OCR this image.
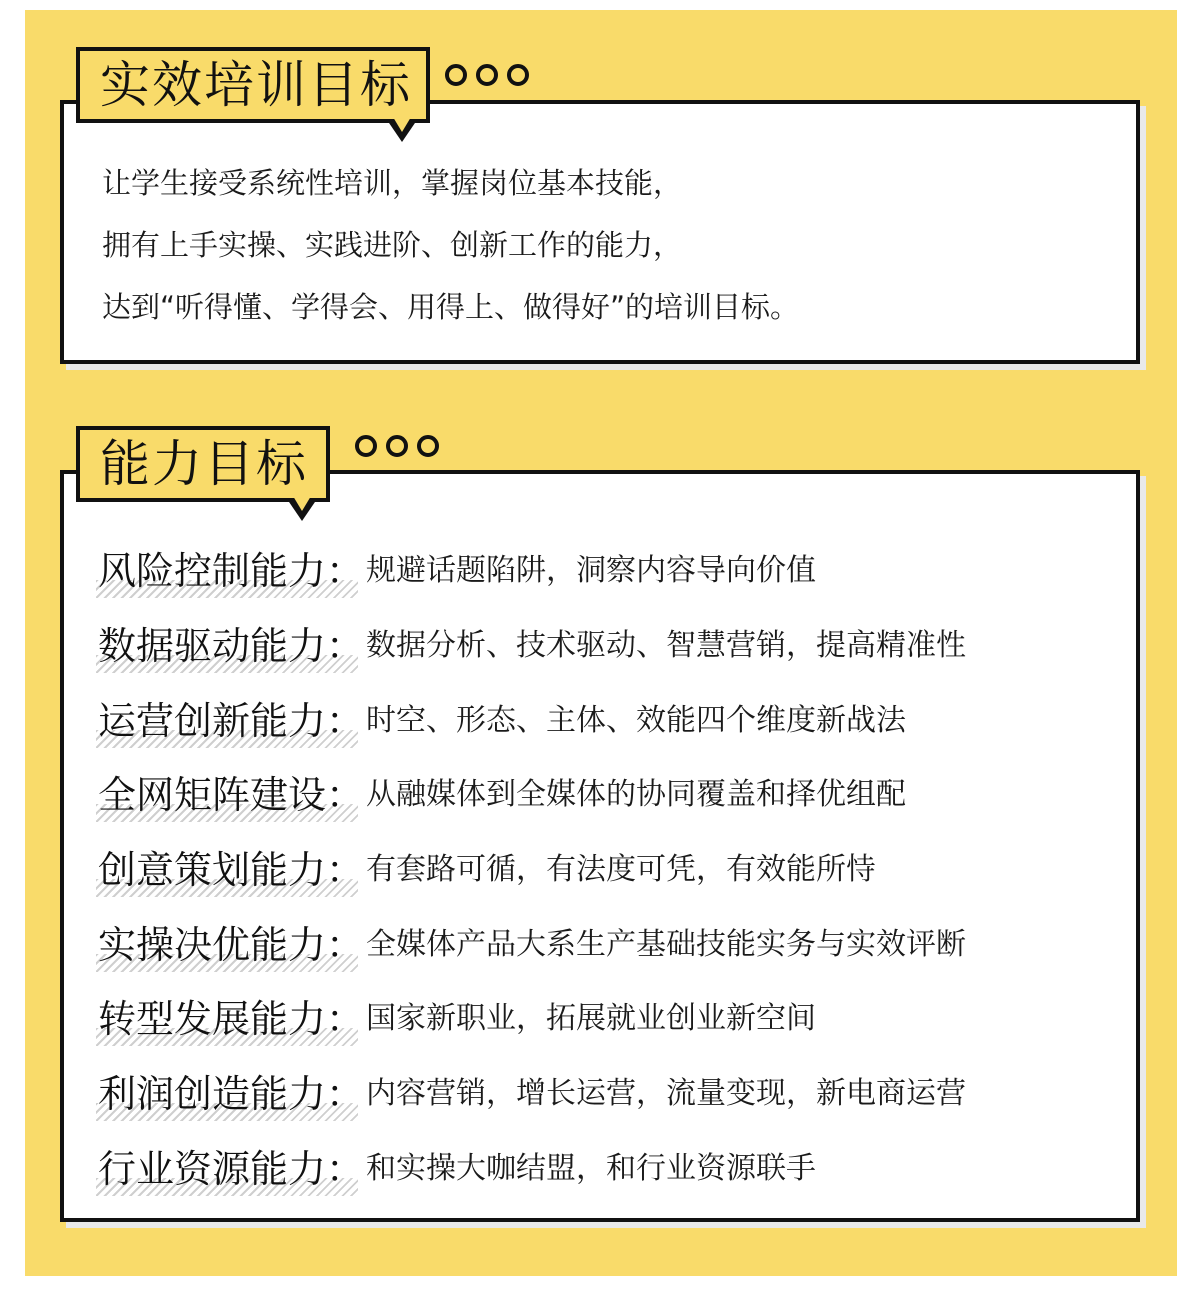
实效培训目标
让学生接受系统性培训，掌握岗位基本技能，
拥有上手实操、实践进阶、创新工作的能力，
达到“听得懂、学得会、用得上、做得好”的培训目标。
能力目标
风险控制能力： 规避话题陷阱，洞察内容导向价值
数据驱动能力： 数据分析、技术驱动、智慧营销，提高精准性
运营创新能力： 时空、形态、主体、效能四个维度新战法
全网矩阵建设： 从融媒体到全媒体的协同覆盖和择优组配
创意策划能力： 有套路可循，有法度可凭，有效能所恃
实操决优能力： 全媒体产品大系生产基础技能实务与实效评断
转型发展能力： 国家新职业，拓展就业创业新空间
利润创造能力： 内容营销，增长运营，流量变现，新电商运营
行业资源能力： 和实操大咖结盟，和行业资源联手
